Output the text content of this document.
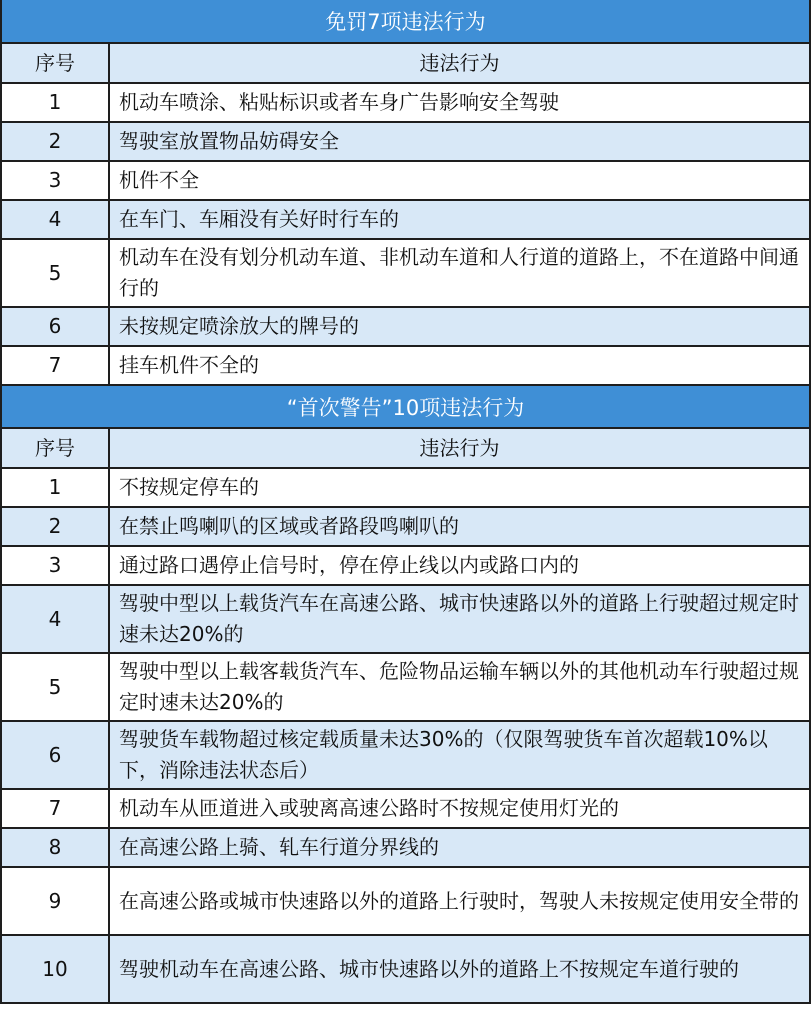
免罚7项违法行为
序号	违法行为
1	机动车喷涂、粘贴标识或者车身广告影响安全驾驶
2	驾驶室放置物品妨碍安全
3	机件不全
4	在车门、车厢没有关好时行车的
5	机动车在没有划分机动车道、非机动车道和人行道的道路上，不在道路中间通行的
6	未按规定喷涂放大的牌号的
7	挂车机件不全的
“首次警告”10项违法行为
序号	违法行为
1	不按规定停车的
2	在禁止鸣喇叭的区域或者路段鸣喇叭的
3	通过路口遇停止信号时，停在停止线以内或路口内的
4	驾驶中型以上载货汽车在高速公路、城市快速路以外的道路上行驶超过规定时速未达20%的
5	驾驶中型以上载客载货汽车、危险物品运输车辆以外的其他机动车行驶超过规定时速未达20%的
6	驾驶货车载物超过核定载质量未达30%的（仅限驾驶货车首次超载10%以下，消除违法状态后）
7	机动车从匝道进入或驶离高速公路时不按规定使用灯光的
8	在高速公路上骑、轧车行道分界线的
9	在高速公路或城市快速路以外的道路上行驶时，驾驶人未按规定使用安全带的
10	驾驶机动车在高速公路、城市快速路以外的道路上不按规定车道行驶的
